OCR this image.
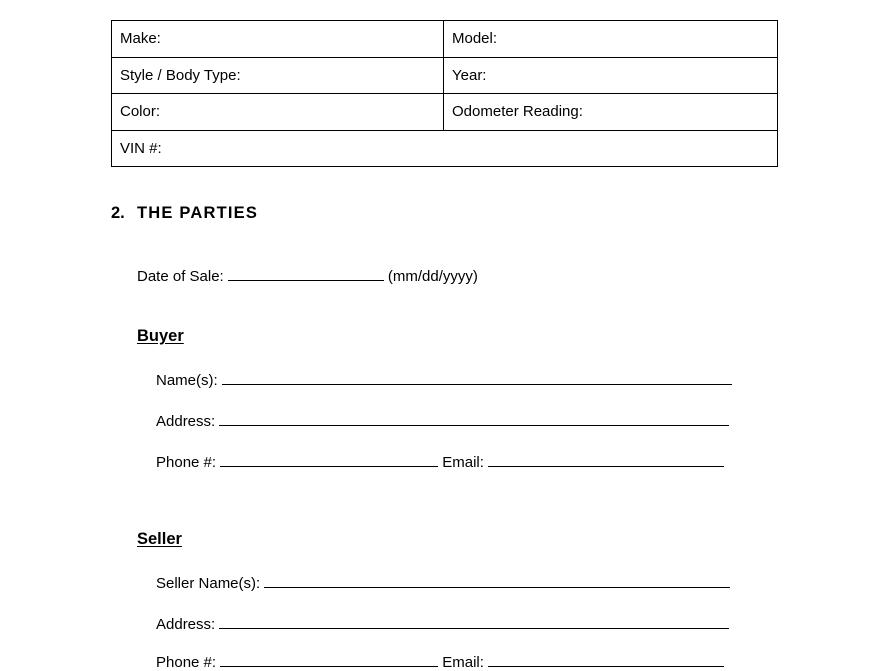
Make:	Model:
Style / Body Type:	Year:
Color:	Odometer Reading:
VIN #:	
2. THE PARTIES
Date of Sale:	(mm/dd/yyyy)
Buyer
Name(s):
Address:
Phone #:	Email:
Seller
Seller Name(s):
Address:
Phone #:	Email:
